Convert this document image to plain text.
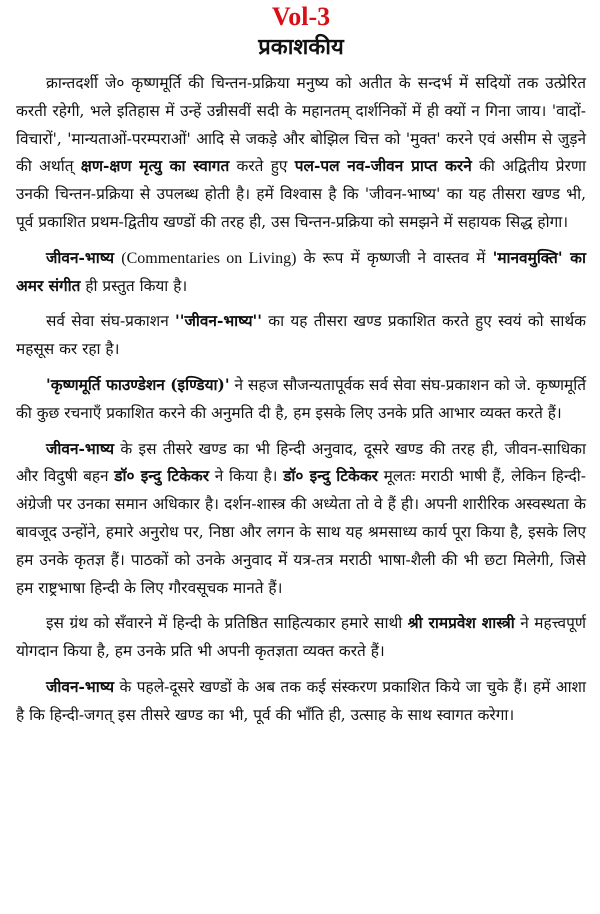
Vol-3
प्रकाशकीय

क्रान्तदर्शी जे० कृष्णमूर्ति की चिन्तन-प्रक्रिया मनुष्य को अतीत के सन्दर्भ में सदियों तक उत्प्रेरित करती रहेगी, भले इतिहास में उन्हें उन्नीसवीं सदी के महानतम् दार्शनिकों में ही क्यों न गिना जाय। 'वादों-विचारों', 'मान्यताओं-परम्पराओं' आदि से जकड़े और बोझिल चित्त को 'मुक्त' करने एवं असीम से जुड़ने की अर्थात् क्षण-क्षण मृत्यु का स्वागत करते हुए पल-पल नव-जीवन प्राप्त करने की अद्वितीय प्रेरणा उनकी चिन्तन-प्रक्रिया से उपलब्ध होती है। हमें विश्वास है कि 'जीवन-भाष्य' का यह तीसरा खण्ड भी, पूर्व प्रकाशित प्रथम-द्वितीय खण्डों की तरह ही, उस चिन्तन-प्रक्रिया को समझने में सहायक सिद्ध होगा।

जीवन-भाष्य (Commentaries on Living) के रूप में कृष्णजी ने वास्तव में 'मानवमुक्ति' का अमर संगीत ही प्रस्तुत किया है।

सर्व सेवा संघ-प्रकाशन ''जीवन-भाष्य'' का यह तीसरा खण्ड प्रकाशित करते हुए स्वयं को सार्थक महसूस कर रहा है।

'कृष्णमूर्ति फाउण्डेशन (इण्डिया)' ने सहज सौजन्यतापूर्वक सर्व सेवा संघ-प्रकाशन को जे. कृष्णमूर्ति की कुछ रचनाएँ प्रकाशित करने की अनुमति दी है, हम इसके लिए उनके प्रति आभार व्यक्त करते हैं।

जीवन-भाष्य के इस तीसरे खण्ड का भी हिन्दी अनुवाद, दूसरे खण्ड की तरह ही, जीवन-साधिका और विदुषी बहन डॉ० इन्दु टिकेकर ने किया है। डॉ० इन्दु टिकेकर मूलतः मराठी भाषी हैं, लेकिन हिन्दी-अंग्रेजी पर उनका समान अधिकार है। दर्शन-शास्त्र की अध्येता तो वे हैं ही। अपनी शारीरिक अस्वस्थता के बावजूद उन्होंने, हमारे अनुरोध पर, निष्ठा और लगन के साथ यह श्रमसाध्य कार्य पूरा किया है, इसके लिए हम उनके कृतज्ञ हैं। पाठकों को उनके अनुवाद में यत्र-तत्र मराठी भाषा-शैली की भी छटा मिलेगी, जिसे हम राष्ट्रभाषा हिन्दी के लिए गौरवसूचक मानते हैं।

इस ग्रंथ को सँवारने में हिन्दी के प्रतिष्ठित साहित्यकार हमारे साथी श्री रामप्रवेश शास्त्री ने महत्त्वपूर्ण योगदान किया है, हम उनके प्रति भी अपनी कृतज्ञता व्यक्त करते हैं।

जीवन-भाष्य के पहले-दूसरे खण्डों के अब तक कई संस्करण प्रकाशित किये जा चुके हैं। हमें आशा है कि हिन्दी-जगत् इस तीसरे खण्ड का भी, पूर्व की भाँति ही, उत्साह के साथ स्वागत करेगा।
